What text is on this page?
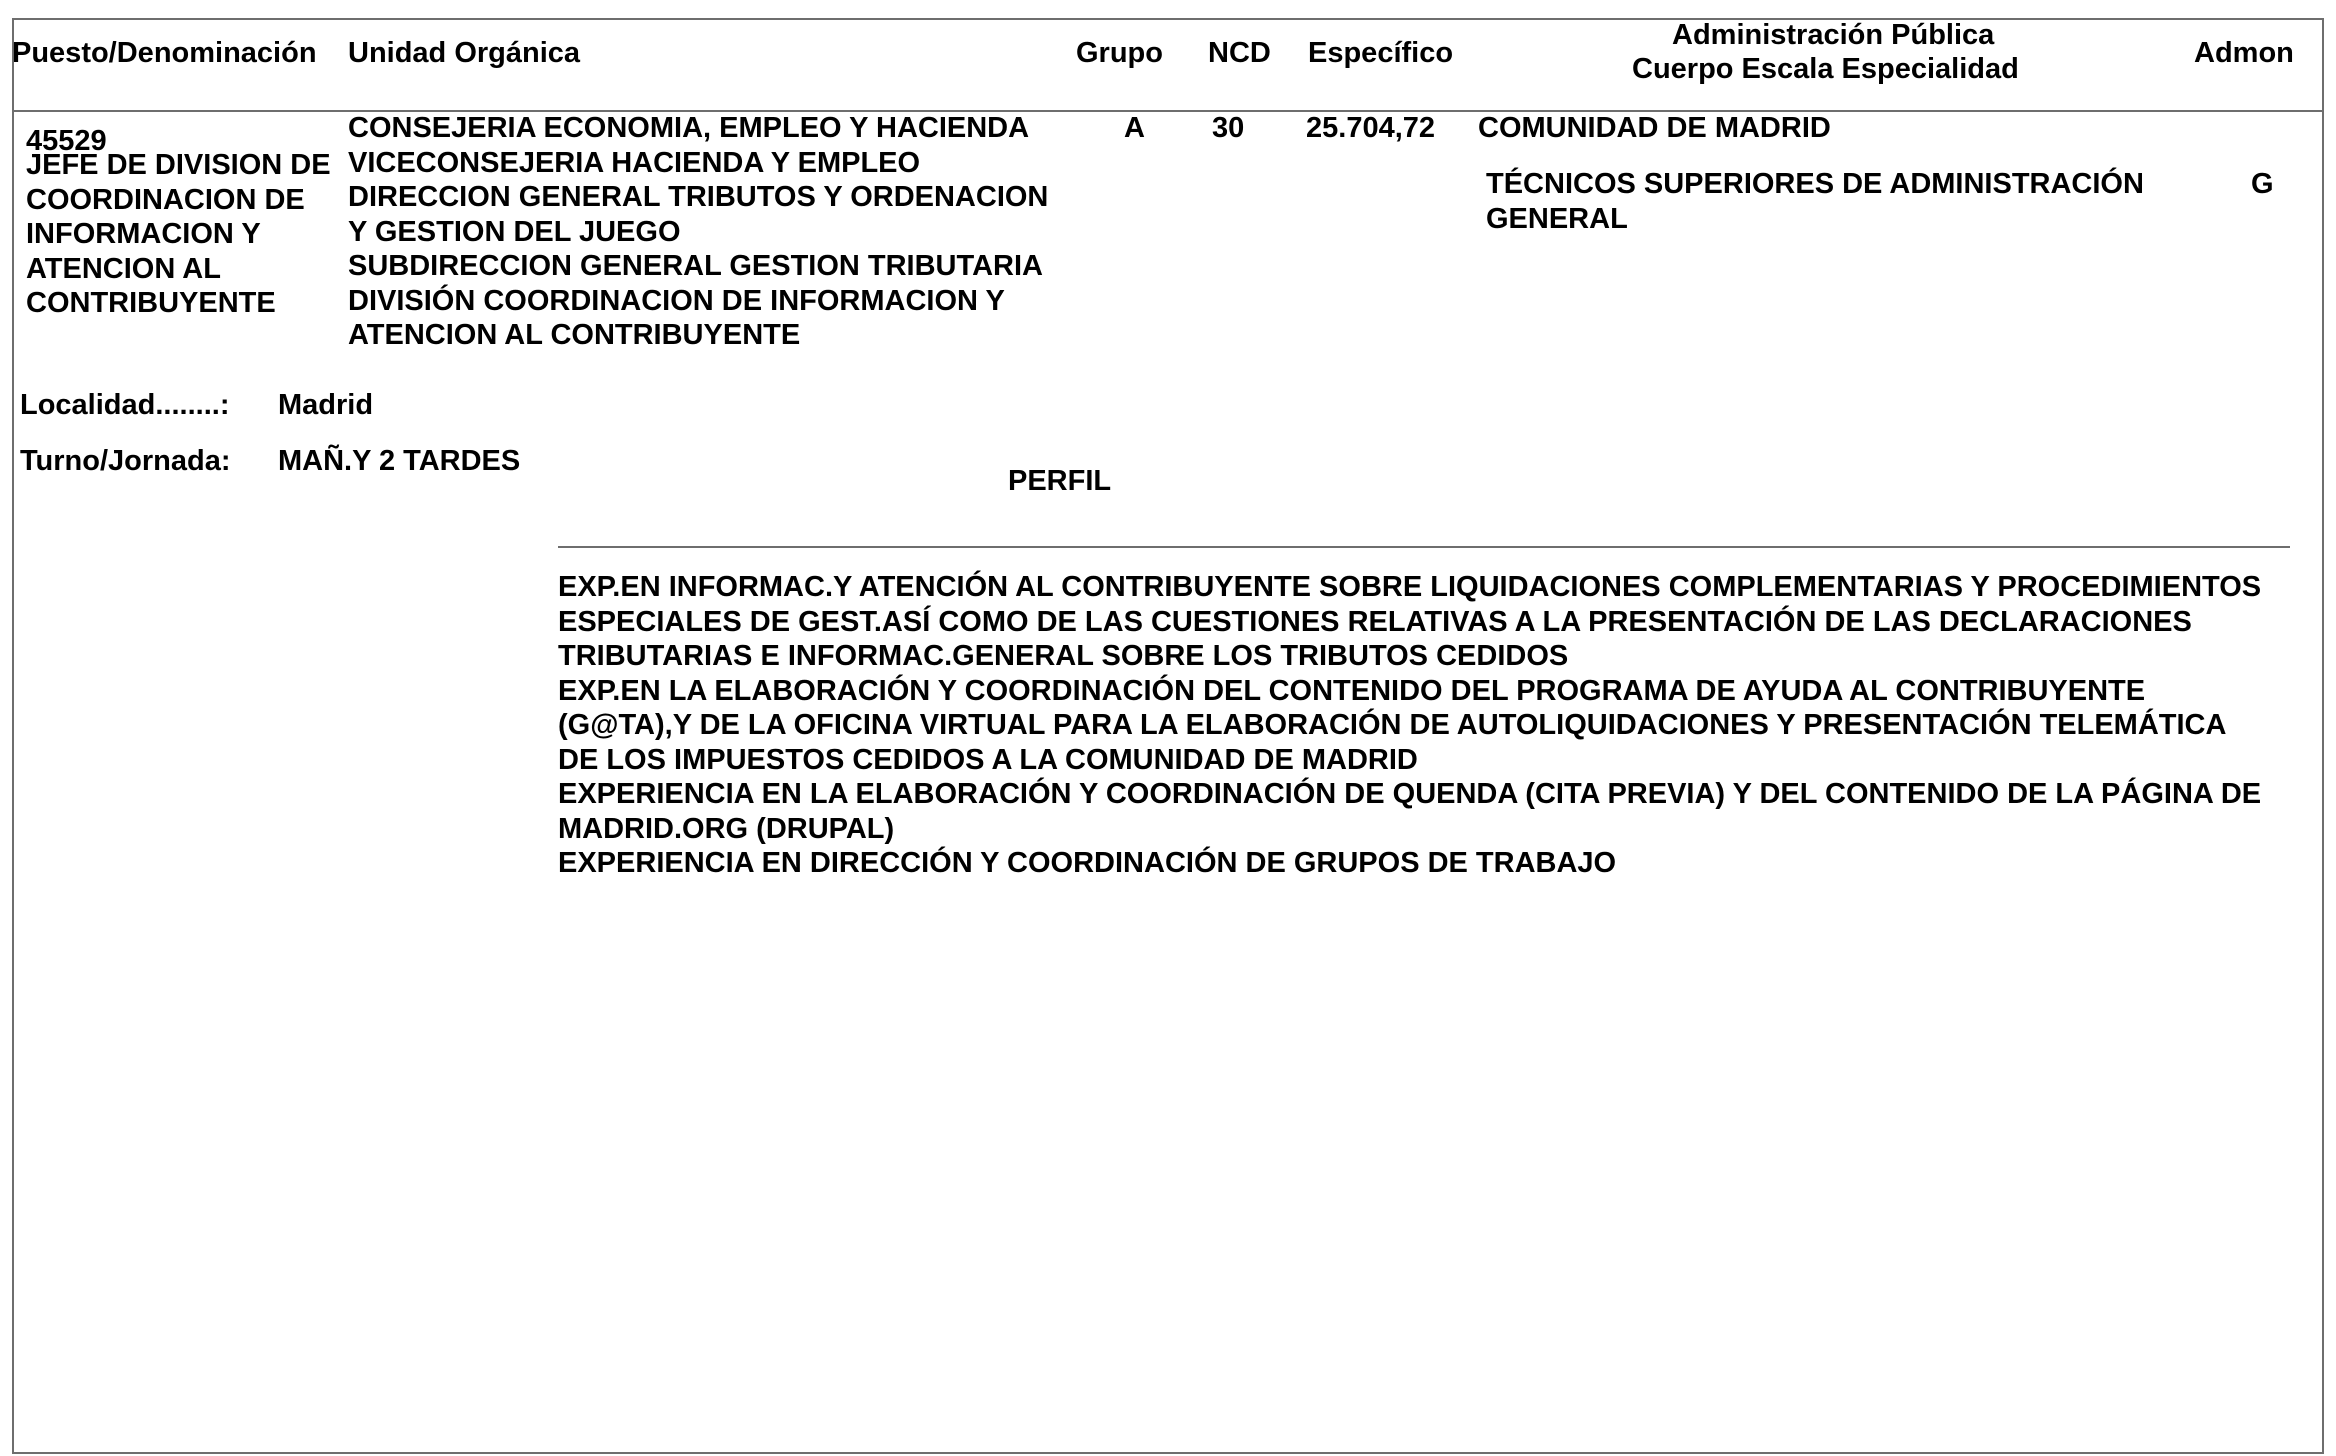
Puesto/Denominación Unidad Orgánica	Grupo NCD Específico
Administración Pública
Cuerpo Escala Especialidad	Admon
45529
JEFE DE DIVISION DE
COORDINACION DE
INFORMACION Y
ATENCION AL
CONTRIBUYENTE
CONSEJERIA ECONOMIA, EMPLEO Y HACIENDA
VICECONSEJERIA HACIENDA Y EMPLEO
DIRECCION GENERAL TRIBUTOS Y ORDENACION
Y GESTION DEL JUEGO
SUBDIRECCION GENERAL GESTION TRIBUTARIA
DIVISIÓN COORDINACION DE INFORMACION Y
ATENCION AL CONTRIBUYENTE
A 30 25.704,72 COMUNIDAD DE MADRID
TÉCNICOS SUPERIORES DE ADMINISTRACIÓN
GENERAL
G
Localidad........: Madrid
Turno/Jornada: MAÑ.Y 2 TARDES
PERFIL
EXP.EN INFORMAC.Y ATENCIÓN AL CONTRIBUYENTE SOBRE LIQUIDACIONES COMPLEMENTARIAS Y PROCEDIMIENTOS
ESPECIALES DE GEST.ASÍ COMO DE LAS CUESTIONES RELATIVAS A LA PRESENTACIÓN DE LAS DECLARACIONES
TRIBUTARIAS E INFORMAC.GENERAL SOBRE LOS TRIBUTOS CEDIDOS
EXP.EN LA ELABORACIÓN Y COORDINACIÓN DEL CONTENIDO DEL PROGRAMA DE AYUDA AL CONTRIBUYENTE
(G@TA),Y DE LA OFICINA VIRTUAL PARA LA ELABORACIÓN DE AUTOLIQUIDACIONES Y PRESENTACIÓN TELEMÁTICA
DE LOS IMPUESTOS CEDIDOS A LA COMUNIDAD DE MADRID
EXPERIENCIA EN LA ELABORACIÓN Y COORDINACIÓN DE QUENDA (CITA PREVIA) Y DEL CONTENIDO DE LA PÁGINA DE
MADRID.ORG (DRUPAL)
EXPERIENCIA EN DIRECCIÓN Y COORDINACIÓN DE GRUPOS DE TRABAJO
